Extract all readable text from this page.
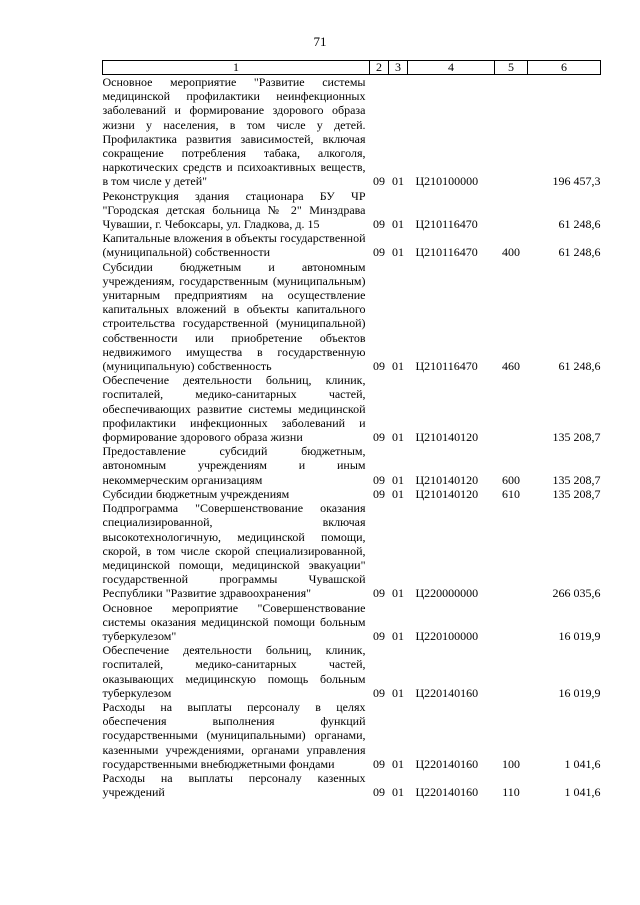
71
1	2	3	4	5	6
Основное мероприятие "Развитие системы медицинской профилактики неинфекционных заболеваний и формирование здорового образа жизни у населения, в том числе у детей. Профилактика развития зависимостей, включая сокращение потребления табака, алкоголя, наркотических средств и психоактивных веществ, в том числе у детей"	09	01	Ц210100000		196 457,3
Реконструкция здания стационара БУ ЧР "Городская детская больница № 2" Минздрава Чувашии, г. Чебоксары, ул. Гладкова, д. 15	09	01	Ц210116470		61 248,6
Капитальные вложения в объекты государственной (муниципальной) собственности	09	01	Ц210116470	400	61 248,6
Субсидии бюджетным и автономным учреждениям, государственным (муниципальным) унитарным предприятиям на осуществление капитальных вложений в объекты капитального строительства государственной (муниципальной) собственности или приобретение объектов недвижимого имущества в государственную (муниципальную) собственность	09	01	Ц210116470	460	61 248,6
Обеспечение деятельности больниц, клиник, госпиталей, медико-санитарных частей, обеспечивающих развитие системы медицинской профилактики инфекционных заболеваний и формирование здорового образа жизни	09	01	Ц210140120		135 208,7
Предоставление субсидий бюджетным, автономным учреждениям и иным некоммерческим организациям	09	01	Ц210140120	600	135 208,7
Субсидии бюджетным учреждениям	09	01	Ц210140120	610	135 208,7
Подпрограмма "Совершенствование оказания специализированной, включая высокотехнологичную, медицинской помощи, скорой, в том числе скорой специализированной, медицинской помощи, медицинской эвакуации" государственной программы Чувашской Республики "Развитие здравоохранения"	09	01	Ц220000000		266 035,6
Основное мероприятие "Совершенствование системы оказания медицинской помощи больным туберкулезом"	09	01	Ц220100000		16 019,9
Обеспечение деятельности больниц, клиник, госпиталей, медико-санитарных частей, оказывающих медицинскую помощь больным туберкулезом	09	01	Ц220140160		16 019,9
Расходы на выплаты персоналу в целях обеспечения выполнения функций государственными (муниципальными) органами, казенными учреждениями, органами управления государственными внебюджетными фондами	09	01	Ц220140160	100	1 041,6
Расходы на выплаты персоналу казенных учреждений	09	01	Ц220140160	110	1 041,6
